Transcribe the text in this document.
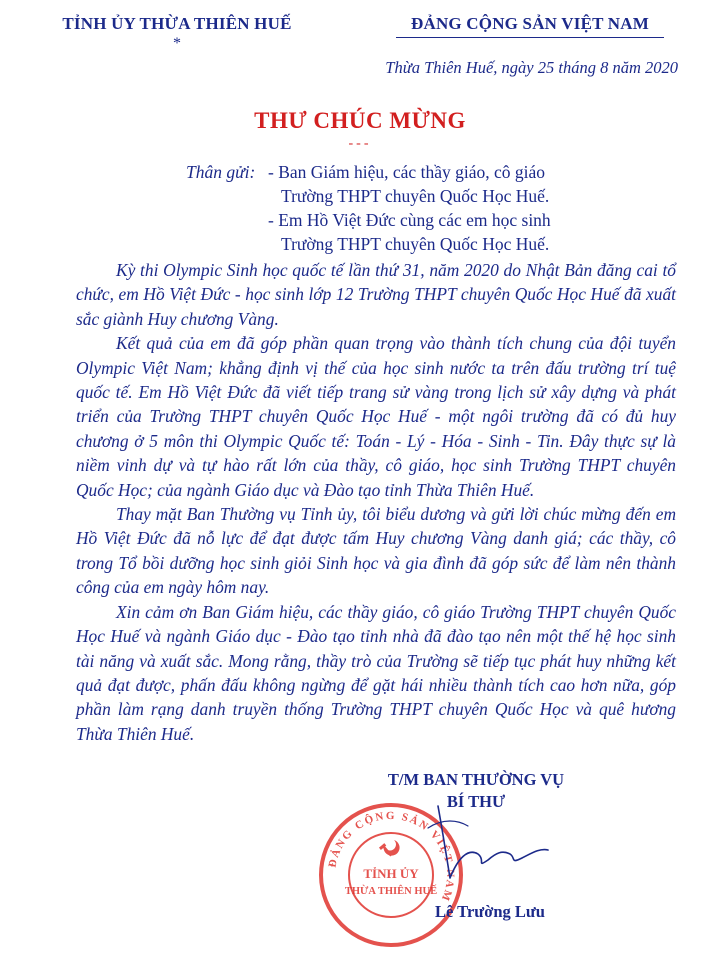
TỈNH ỦY THỪA THIÊN HUẾ
*
ĐẢNG CỘNG SẢN VIỆT NAM
Thừa Thiên Huế, ngày 25 tháng 8 năm 2020
THƯ CHÚC MỪNG
---
Thân gửi: - Ban Giám hiệu, các thầy giáo, cô giáo
Trường THPT chuyên Quốc Học Huế.
- Em Hồ Việt Đức cùng các em học sinh
Trường THPT chuyên Quốc Học Huế.

Kỳ thi Olympic Sinh học quốc tế lần thứ 31, năm 2020 do Nhật Bản đăng cai tổ chức, em Hồ Việt Đức - học sinh lớp 12 Trường THPT chuyên Quốc Học Huế đã xuất sắc giành Huy chương Vàng.

Kết quả của em đã góp phần quan trọng vào thành tích chung của đội tuyển Olympic Việt Nam; khẳng định vị thế của học sinh nước ta trên đấu trường trí tuệ quốc tế. Em Hồ Việt Đức đã viết tiếp trang sử vàng trong lịch sử xây dựng và phát triển của Trường THPT chuyên Quốc Học Huế - một ngôi trường đã có đủ huy chương ở 5 môn thi Olympic Quốc tế: Toán - Lý - Hóa - Sinh - Tin. Đây thực sự là niềm vinh dự và tự hào rất lớn của thầy, cô giáo, học sinh Trường THPT chuyên Quốc Học; của ngành Giáo dục và Đào tạo tỉnh Thừa Thiên Huế.

Thay mặt Ban Thường vụ Tỉnh ủy, tôi biểu dương và gửi lời chúc mừng đến em Hồ Việt Đức đã nỗ lực để đạt được tấm Huy chương Vàng danh giá; các thầy, cô trong Tổ bồi dưỡng học sinh giỏi Sinh học và gia đình đã góp sức để làm nên thành công của em ngày hôm nay.

Xin cảm ơn Ban Giám hiệu, các thầy giáo, cô giáo Trường THPT chuyên Quốc Học Huế và ngành Giáo dục - Đào tạo tỉnh nhà đã đào tạo nên một thế hệ học sinh tài năng và xuất sắc. Mong rằng, thầy trò của Trường sẽ tiếp tục phát huy những kết quả đạt được, phấn đấu không ngừng để gặt hái nhiều thành tích cao hơn nữa, góp phần làm rạng danh truyền thống Trường THPT chuyên Quốc Học và quê hương Thừa Thiên Huế.

T/M BAN THƯỜNG VỤ
BÍ THƯ
ĐẢNG CỘNG SẢN VIỆT NAM
TỈNH ỦY
THỪA THIÊN HUẾ
Lê Trường Lưu
